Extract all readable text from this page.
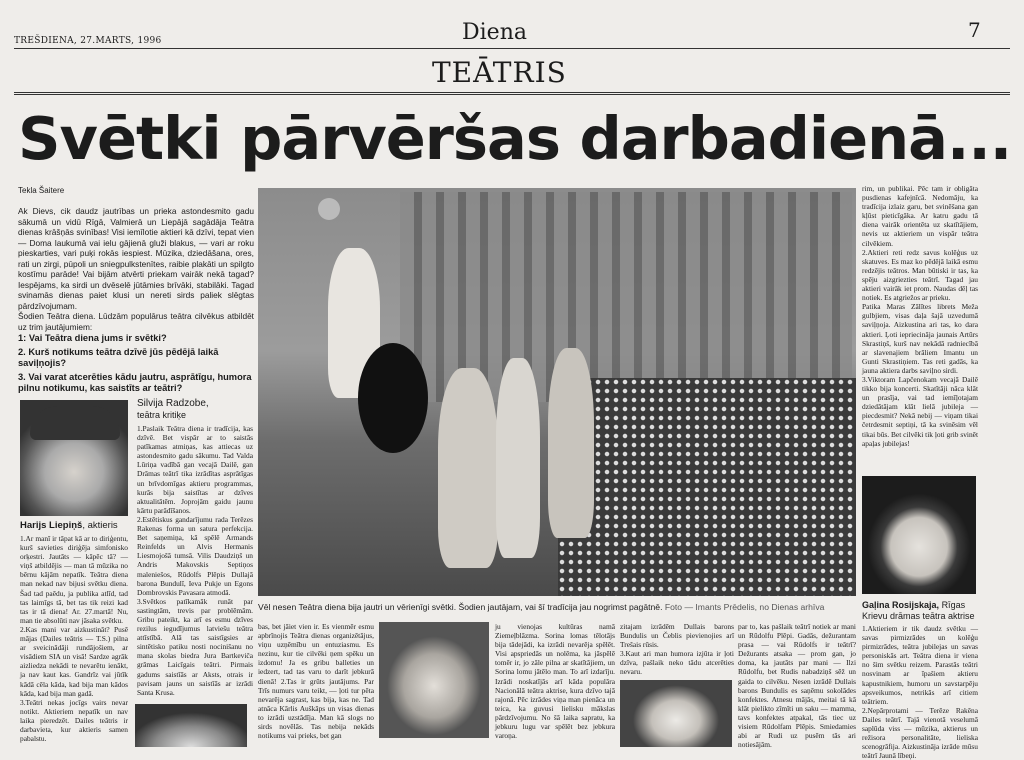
TREŠDIENA, 27.MARTS, 1996	Diena	7
TEĀTRIS
Svētki pārvēršas darbadienā...
Tekla Šaitere
Ak Dievs, cik daudz jautrības un prieka astondesmito gadu sākumā un vidū Rīgā, Valmierā un Liepājā sagādāja Teātra dienas krāšņās svinības! Visi iemīlotie aktieri kā dzīvi, tepat vien — Doma laukumā vai ielu gājienā gluži blakus, — vari ar roku pieskarties, vari puķi rokās iespiest. Mūzika, dziedāšana, ores, rati un zirgi, pūpoli un sniegpulkstenītes, raibie plakāti un spilgto kostīmu parāde! Vai bijām atvērti priekam vairāk nekā tagad? Iespējams, ka sirdi un dvēselē jūtāmies brīvāki, stabilāki. Tagad svinamās dienas paiet klusi un nereti sirds paliek slēgtas pārdzīvojumam.
Šodien Teātra diena. Lūdzām populārus teātra cilvēkus atbildēt uz trim jautājumiem:
1: Vai Teātra diena jums ir svētki?
2. Kurš notikums teātra dzīvē jūs pēdējā laikā saviļņojis?
3. Vai varat atcerēties kādu jautru, asprātīgu, humora pilnu notikumu, kas saistīts ar teātri?
Harijs Liepiņš, aktieris
1.Ar manī ir tāpat kā ar to diriģentu, kurš savieties diriģēja simfonisko orķestri. Jautāts — kāpēc tā? — viņš atbildējis — man tā mūzika no bērnu kājām nepatīk. Teātra diena man nekad nav bijusi svētku diena. Šad tad paēdu, ja publika atlīd, tad tas laimīgs tā, bet tas tik reizi kad tas ir tā diena! Ar. 27.martā! Nu, man tie absolūti nav jāsaka svētku.
2.Kas mani var aizkustināt? Pusē mājas (Dailes teātris — T.S.) pilna ar sveicinādāji rundājošiem, ar visādiem SIA un visā! Sardze agrāk aizliedza nekādi te nevarētu ienākt, ja nav kaut kas. Gandrīz vai jūtīk kādā cēla kāda, kad bija man kādos kāda, kad bija man gadā.
3.Teātri nekas jocīgs vairs nevar notikt. Aktieriem nepatīk un nav laika pieredzēt. Dailes teātris ir darbavieta, kur aktieris samen pabalstu.
Silvija Radzobe,
teātra kritiķe
1.Paslaik Teātra diena ir tradīcija, kas dzīvē. Bet vispār ar to saistās patīkamas atmiņas, kas attiecas uz astondesmito gadu sākumu. Tad Valda Lūriņa vadībā gan vecajā Dailē, gan Drāmas teātrī tika izrādītas asprātīgas un brīvdomīgas aktieru programmas, kurās bija saistītas ar dzīves aktualitātēm. Joprojām gaidu jaunu kārtu parādīšanos.
2.Estētiskus gandarījumu rada Terēzes Rakenas forma un satura perfekcija. Bet saņemiņa, kā spēlē Armands Reinfelds un Alvis Hermanis Liesmojošā tumsā. Vilis Daudziņš un Andris Makovskis Septiņos maleniešos, Rūdolfs Plēpis Dullajā barona Bundulī, Ieva Pukje un Egons Dombrovskis Pavasara atmodā.
3.Svētkos patīkamāk runāt par sastingtām, trevis par problēmām. Gribu pateikt, ka arī es esmu dzīves rezilus iegudījumus latviešu teātra attīstībā. Alā tas saistīgsies ar sintētisko patiku nosti nocinišanu no mana skolas biedra Jura Bartkeviča grāmas Laicīgais teātri. Pirmais gadums saistīās ar Aksts, otrais ir pavisam jauns un saistīās ar izrādi Santa Krusa.
Vēl nesen Teātra diena bija jautri un vērienīgi svētki. Šodien jautājam, vai šī tradīcija jau nogrimst pagātnē. Foto — Imants Prēdelis, no Dienas arhīva
bas, bet jāiet vien ir. Es vienmēr esmu apbrīnojis Teātra dienas organizētājus, viņu uzņēmību un entuziasmu. Es nezinu, kur tie cilvēki ņem spēku un izdomu! Ja es gribu balleties un iedzert, tad tas varu to darīt jebkurā dienā! 2.Tas ir grūts jautājums. Par Trīs numurs varu teikt, — ļoti tur pēta nevarēja sagrast, kas bija, kas ne. Tad atnāca Kārlis Auškāps un visas dienas to izrādi uzstādīja. Man kā slogs no sirds novēlās. Tas nebija nekāds notikums vai prieks, bet gan
ju vienojas kultūras namā Ziemeļblāzma. Sorina lomas tēlotājs bija tādejādi, ka izrādi nevarēja spēlēt. Visi apspriedās un nolēma, ka jāspēlē tomēr ir, jo zāle pilna ar skatītājiem, un Sorina lomu jātēlo man. To arī izdarīju. Izrādi noskatījās arī kāda populāra Nacionālā teātra aktrise, kura dzīvo tajā rajonā. Pēc izrādes viņa man pienāca un teica, ka guvusi lielisku mākslas pārdzīvojumu. No šā laika sapratu, ka jebkuru lugu var spēlēt bez jebkura varoņa.
zitajam izrādēm Dullais barons Bundulis un Čeblis pievienojies arī Trešais rūsis.
3.Kaut ari man humora izjūta ir ļoti dzīva, pašlaik neko tādu atcerēties nevaru.
par to, kas pašlaik teātrī notiek ar mani un Rūdolfu Plēpi. Gadās, dežurantam prasa — vai Rūdolfs ir teātrī? Dežurants atsaka — prom gan, jo doma, ka jautāts par mani — Ilzi Rūdolfu, bet Rudis nabadziņš sēž un gaida to cilvēku. Nesen izrādē Dullais barons Bundulis es saņēmu sokolādes konfektes. Atnesu mājās, meitai tā kā klāt pielikto zīmīti un saku — mamma, tavs konfektes atpakal, tās tiec uz visiem Rūdolfam Plēpis. Smiedamies abi ar Rudi uz pusēm tās ari notiesājām.
rim, un publikai. Pēc tam ir obligāta pusdienas kafejnīcā. Nedomāju, ka tradīcija izlaiz garu, bet svinēšana gan kļūst pieticīgāka. Ar katru gadu tā diena vairāk orientēta uz skatītājiem, nevis uz aktieriem un vispār teātra cilvēkiem.
2.Aktieri reti redz savus kolēģus uz skatuves. Es maz ko pēdējā laikā esmu redzējis teātros. Man būtiski ir tas, ka spēju aizgriezties teātrī. Tagad jau aktieri vairāk iet prom. Naudas dēļ tas notiek. Es atgriežos ar prieku.
Patika Maras Zālītes librets Meža gulbjiem, visas daļa šajā uzvedumā saviļņoja. Aizkustina ari tas, ko dara aktieri. Ļoti iepriecināja jaunais Artūrs Skrastiņš, kurš nav nekādā radniecībā ar slavenajiem brāliem Imantu un Gunti Skrastiņiem. Tas reti gadās, ka jauna aktiera darbs saviļno sirdi.
3.Viktoram Lapčenokam vecajā Dailē tikko bija koncerti. Skatītāji nāca klāt un prasīja, vai tad iemīļotajam dziedātājam klāt lielā jubileja — piecdesmit? Nekā nebij — viņam tikai četrdesmit septiņi, tā ka svinēsim vēl tikai būs. Bet cilvēki tik ļoti grib svinēt apaļas jubilejas!
Gaļina Rosijskaja, Rīgas Krievu drāmas teātra aktrise
1.Aktieriem ir tik daudz svētku — savas pirmizrādes un kolēģu pirmizrādes, teātra jubilejas un savas personiskās art. Teātra diena ir viena no šim svētku reizem. Parastās teātri nosvinam ar īpašiem aktieru kapustnikiem, humoru un savstarpēju apsveikumos, netrikās arī citiem teātriem.
2.Nepārprotami — Terēze Rakēna Dailes teātrī. Tajā vienotā veselumā saplūda viss — mūzika, aktierus un režisora personalitāte, lieliska scenogrāfija. Aizkustināja izrāde mūsu teātrī Jaunā lībeņi.
